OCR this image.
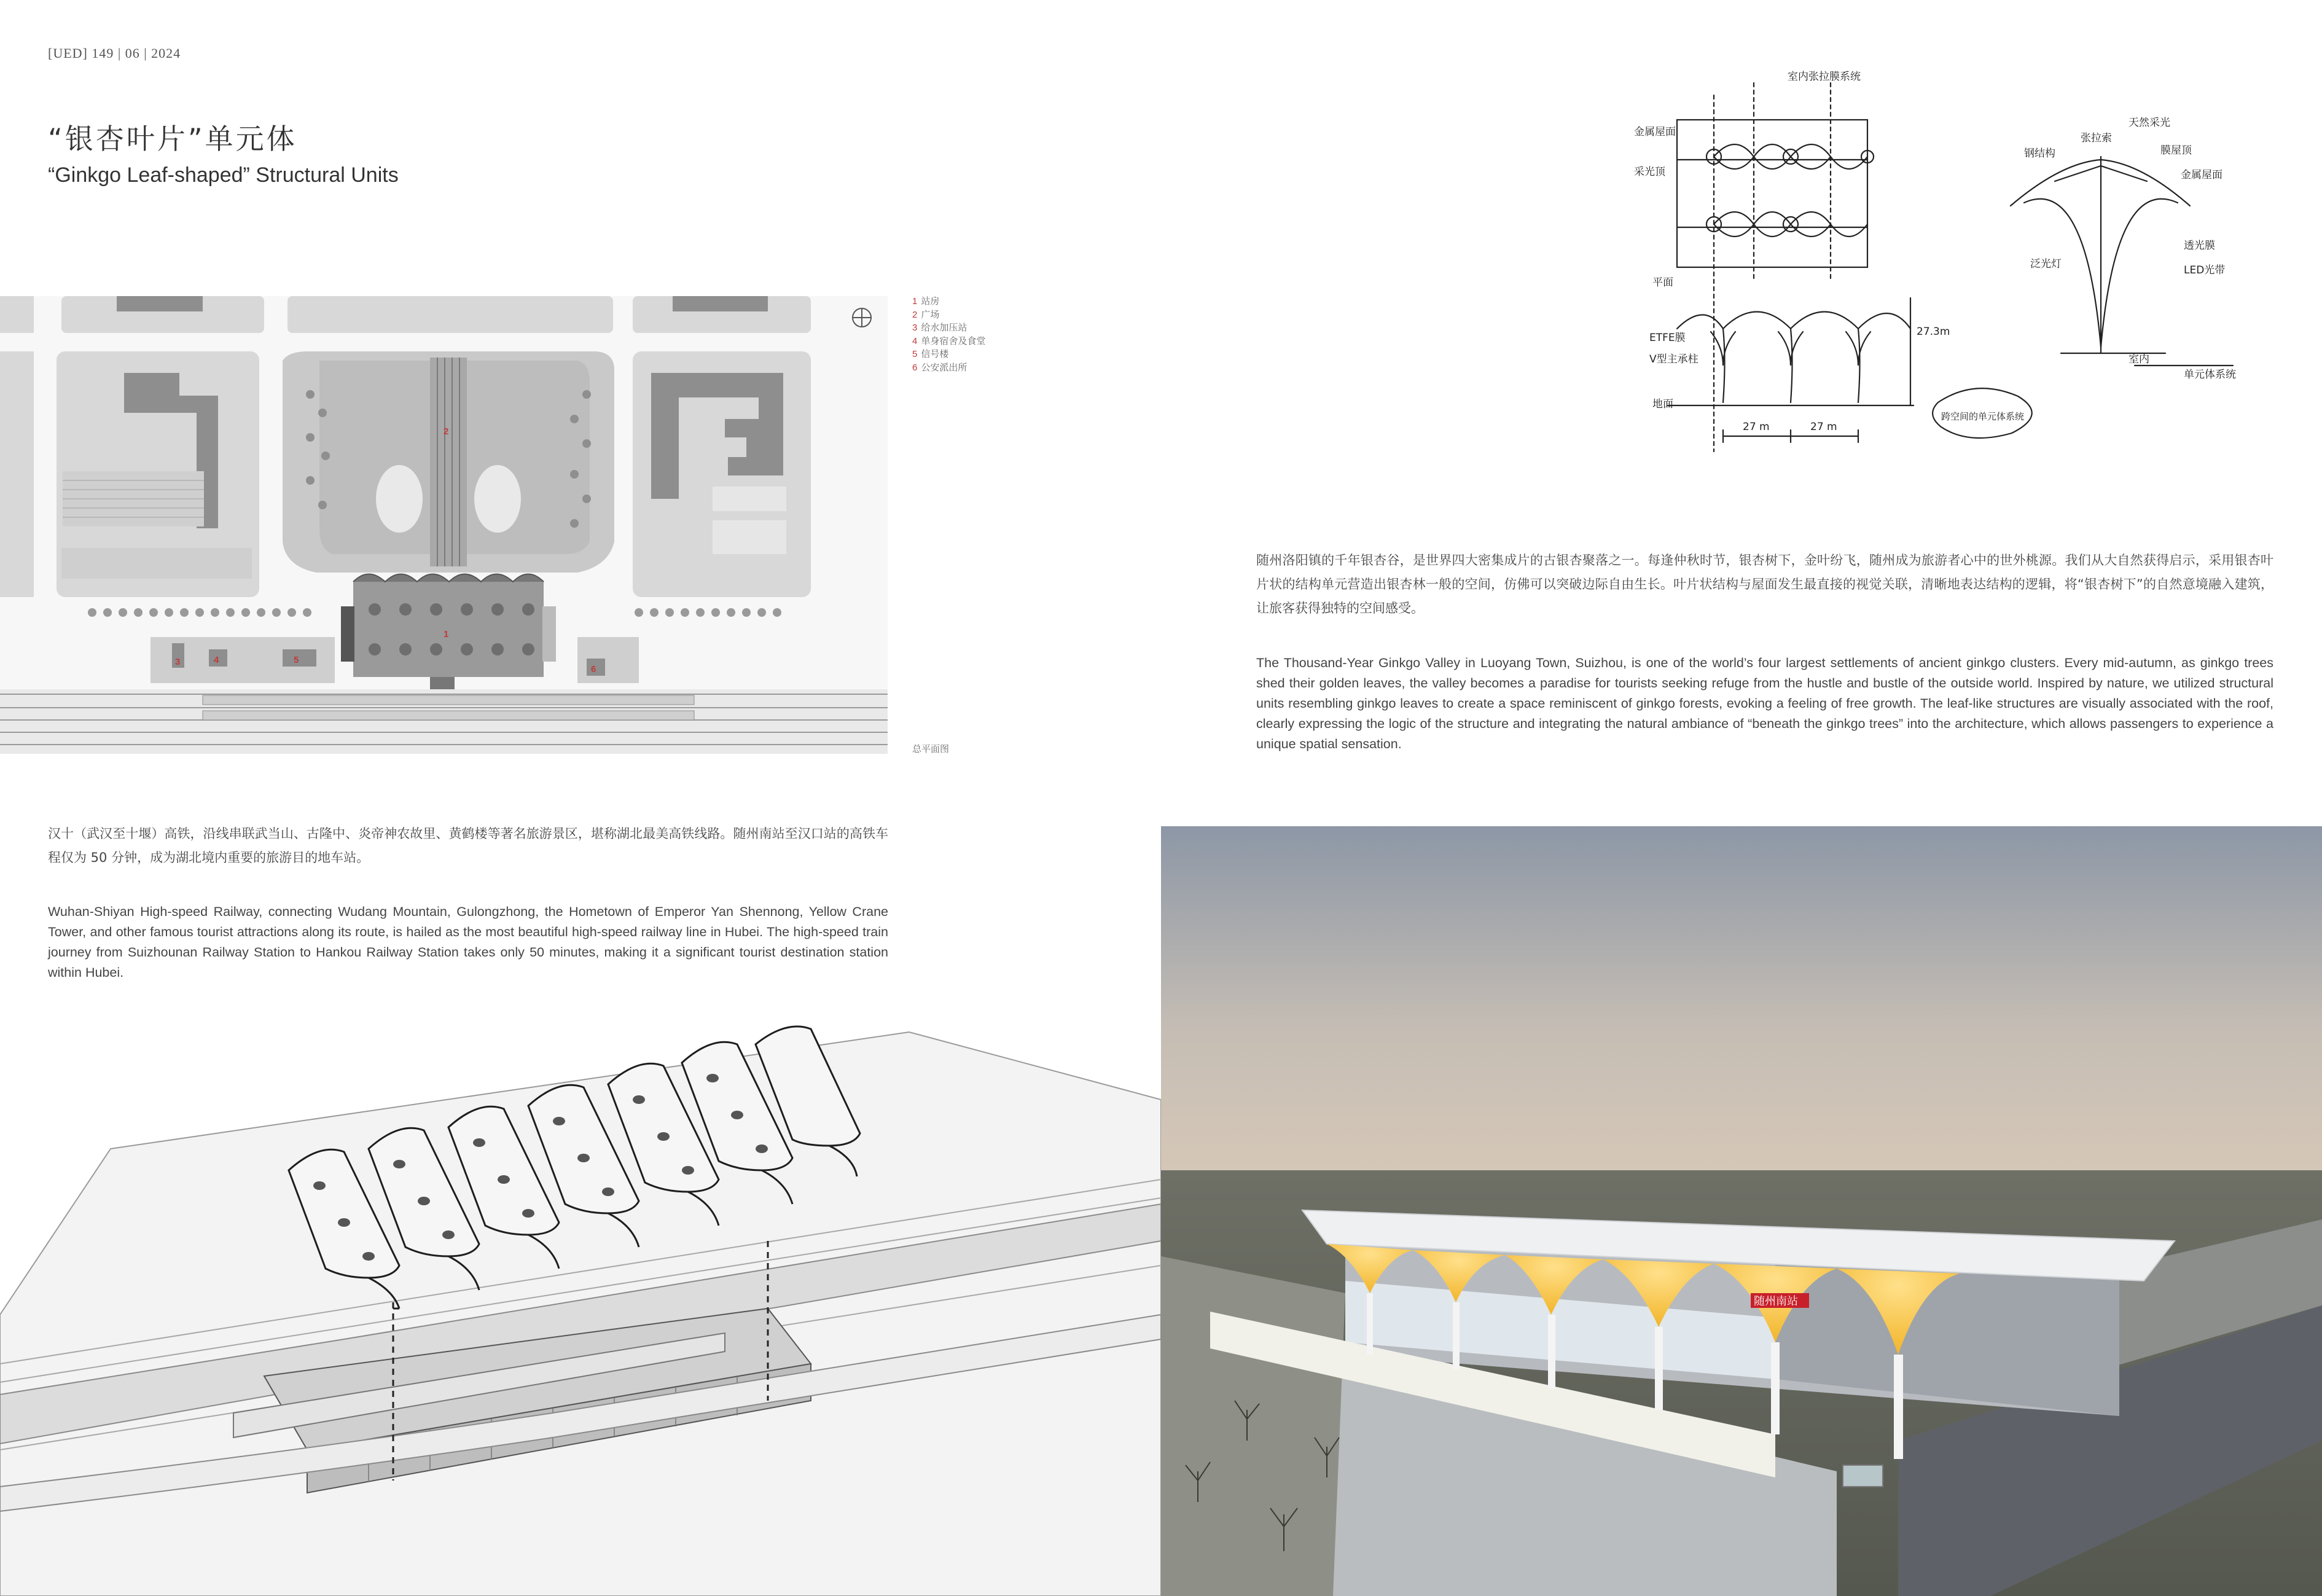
[UED] 149 | 06 | 2024
“银杏叶片”单元体
“Ginkgo Leaf-shaped” Structural Units
1
2
3	4	5
6
1 站房
2 广场
3 给水加压站
4 单身宿舍及食堂
5 信号楼
6 公安派出所
总平面图
室内张拉膜系统
金属屋面
采光顶
平面
ETFE膜
V型主承柱
地面
27.3m
27 m	27 m
跨空间的单元体系统
钢结构
张拉索
天然采光
膜屋顶
金属屋面
透光膜
泛光灯	LED光带
室内
单元体系统
随州洛阳镇的千年银杏谷，是世界四大密集成片的古银杏聚落之一。每逢仲秋时节，银杏树下，金叶纷飞，随州成为旅游者心中的世外桃源。我们从大自然获得启示，采用银杏叶片状的结构单元营造出银杏林一般的空间，仿佛可以突破边际自由生长。叶片状结构与屋面发生最直接的视觉关联，清晰地表达结构的逻辑，将“银杏树下”的自然意境融入建筑，让旅客获得独特的空间感受。
The Thousand-Year Ginkgo Valley in Luoyang Town, Suizhou, is one of the world’s four largest settlements of ancient ginkgo clusters. Every mid-autumn, as ginkgo trees shed their golden leaves, the valley becomes a paradise for tourists seeking refuge from the hustle and bustle of the outside world. Inspired by nature, we utilized structural units resembling ginkgo leaves to create a space reminiscent of ginkgo forests, evoking a feeling of free growth. The leaf-like structures are visually associated with the roof, clearly expressing the logic of the structure and integrating the natural ambiance of “beneath the ginkgo trees” into the architecture, which allows passengers to experience a unique spatial sensation.
汉十（武汉至十堰）高铁，沿线串联武当山、古隆中、炎帝神农故里、黄鹤楼等著名旅游景区，堪称湖北最美高铁线路。随州南站至汉口站的高铁车程仅为 50 分钟，成为湖北境内重要的旅游目的地车站。
Wuhan-Shiyan High-speed Railway, connecting Wudang Mountain, Gulongzhong, the Hometown of Emperor Yan Shennong, Yellow Crane Tower, and other famous tourist attractions along its route, is hailed as the most beautiful high-speed railway line in Hubei. The high-speed train journey from Suizhounan Railway Station to Hankou Railway Station takes only 50 minutes, making it a significant tourist destination station within Hubei.
随州南站
